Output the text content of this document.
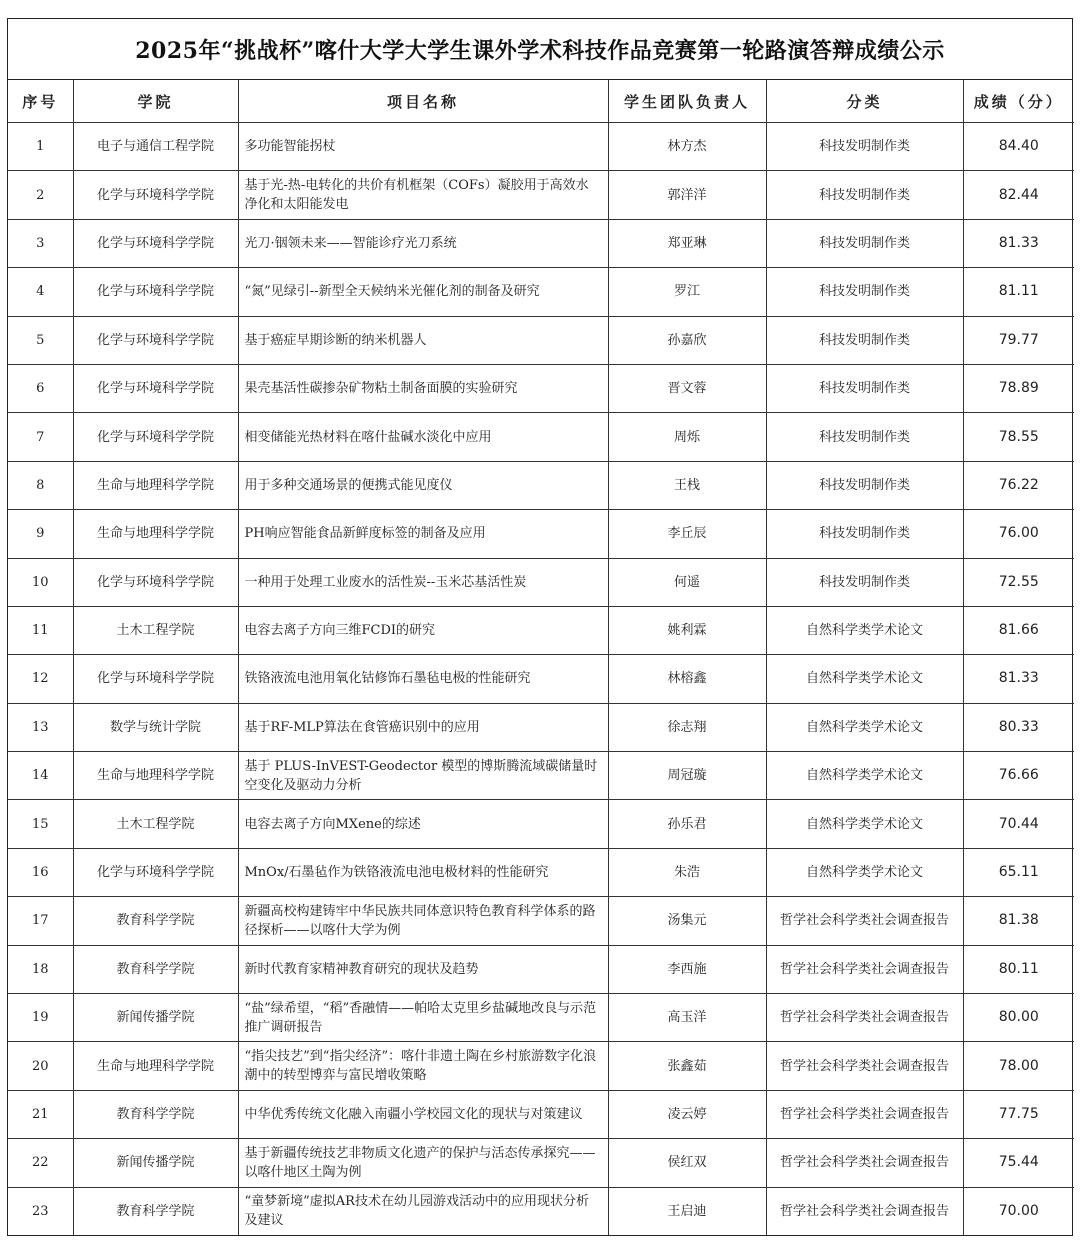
2025年“挑战杯”喀什大学大学生课外学术科技作品竞赛第一轮路演答辩成绩公示
序号	学院	项目名称	学生团队负责人	分类	成绩（分）
1	电子与通信工程学院	多功能智能拐杖	林方杰	科技发明制作类	84.40
2	化学与环境科学学院	基于光-热-电转化的共价有机框架（COFs）凝胶用于高效水净化和太阳能发电	郭洋洋	科技发明制作类	82.44
3	化学与环境科学学院	光刀·铟领未来——智能诊疗光刀系统	郑亚琳	科技发明制作类	81.33
4	化学与环境科学学院	“氮”见绿引--新型全天候纳米光催化剂的制备及研究	罗江	科技发明制作类	81.11
5	化学与环境科学学院	基于癌症早期诊断的纳米机器人	孙嘉欣	科技发明制作类	79.77
6	化学与环境科学学院	果壳基活性碳掺杂矿物粘土制备面膜的实验研究	晋文蓉	科技发明制作类	78.89
7	化学与环境科学学院	相变储能光热材料在喀什盐碱水淡化中应用	周烁	科技发明制作类	78.55
8	生命与地理科学学院	用于多种交通场景的便携式能见度仪	王栈	科技发明制作类	76.22
9	生命与地理科学学院	PH响应智能食品新鲜度标签的制备及应用	李丘辰	科技发明制作类	76.00
10	化学与环境科学学院	一种用于处理工业废水的活性炭--玉米芯基活性炭	何遥	科技发明制作类	72.55
11	土木工程学院	电容去离子方向三维FCDI的研究	姚利霖	自然科学类学术论文	81.66
12	化学与环境科学学院	铁铬液流电池用氧化钴修饰石墨毡电极的性能研究	林榕鑫	自然科学类学术论文	81.33
13	数学与统计学院	基于RF-MLP算法在食管癌识别中的应用	徐志翔	自然科学类学术论文	80.33
14	生命与地理科学学院	基于 PLUS-InVEST-Geodector 模型的博斯腾流域碳储量时空变化及驱动力分析	周冠璇	自然科学类学术论文	76.66
15	土木工程学院	电容去离子方向MXene的综述	孙乐君	自然科学类学术论文	70.44
16	化学与环境科学学院	MnOx/石墨毡作为铁铬液流电池电极材料的性能研究	朱浩	自然科学类学术论文	65.11
17	教育科学学院	新疆高校构建铸牢中华民族共同体意识特色教育科学体系的路径探析——以喀什大学为例	汤集元	哲学社会科学类社会调查报告	81.38
18	教育科学学院	新时代教育家精神教育研究的现状及趋势	李西施	哲学社会科学类社会调查报告	80.11
19	新闻传播学院	“盐”绿希望，“稻”香融情——帕哈太克里乡盐碱地改良与示范推广调研报告	高玉洋	哲学社会科学类社会调查报告	80.00
20	生命与地理科学学院	“指尖技艺”到“指尖经济”：喀什非遗土陶在乡村旅游数字化浪潮中的转型博弈与富民增收策略	张鑫茹	哲学社会科学类社会调查报告	78.00
21	教育科学学院	中华优秀传统文化融入南疆小学校园文化的现状与对策建议	凌云婷	哲学社会科学类社会调查报告	77.75
22	新闻传播学院	基于新疆传统技艺非物质文化遗产的保护与活态传承探究——以喀什地区土陶为例	侯红双	哲学社会科学类社会调查报告	75.44
23	教育科学学院	“童梦新境”虚拟AR技术在幼儿园游戏活动中的应用现状分析及建议	王启迪	哲学社会科学类社会调查报告	70.00
